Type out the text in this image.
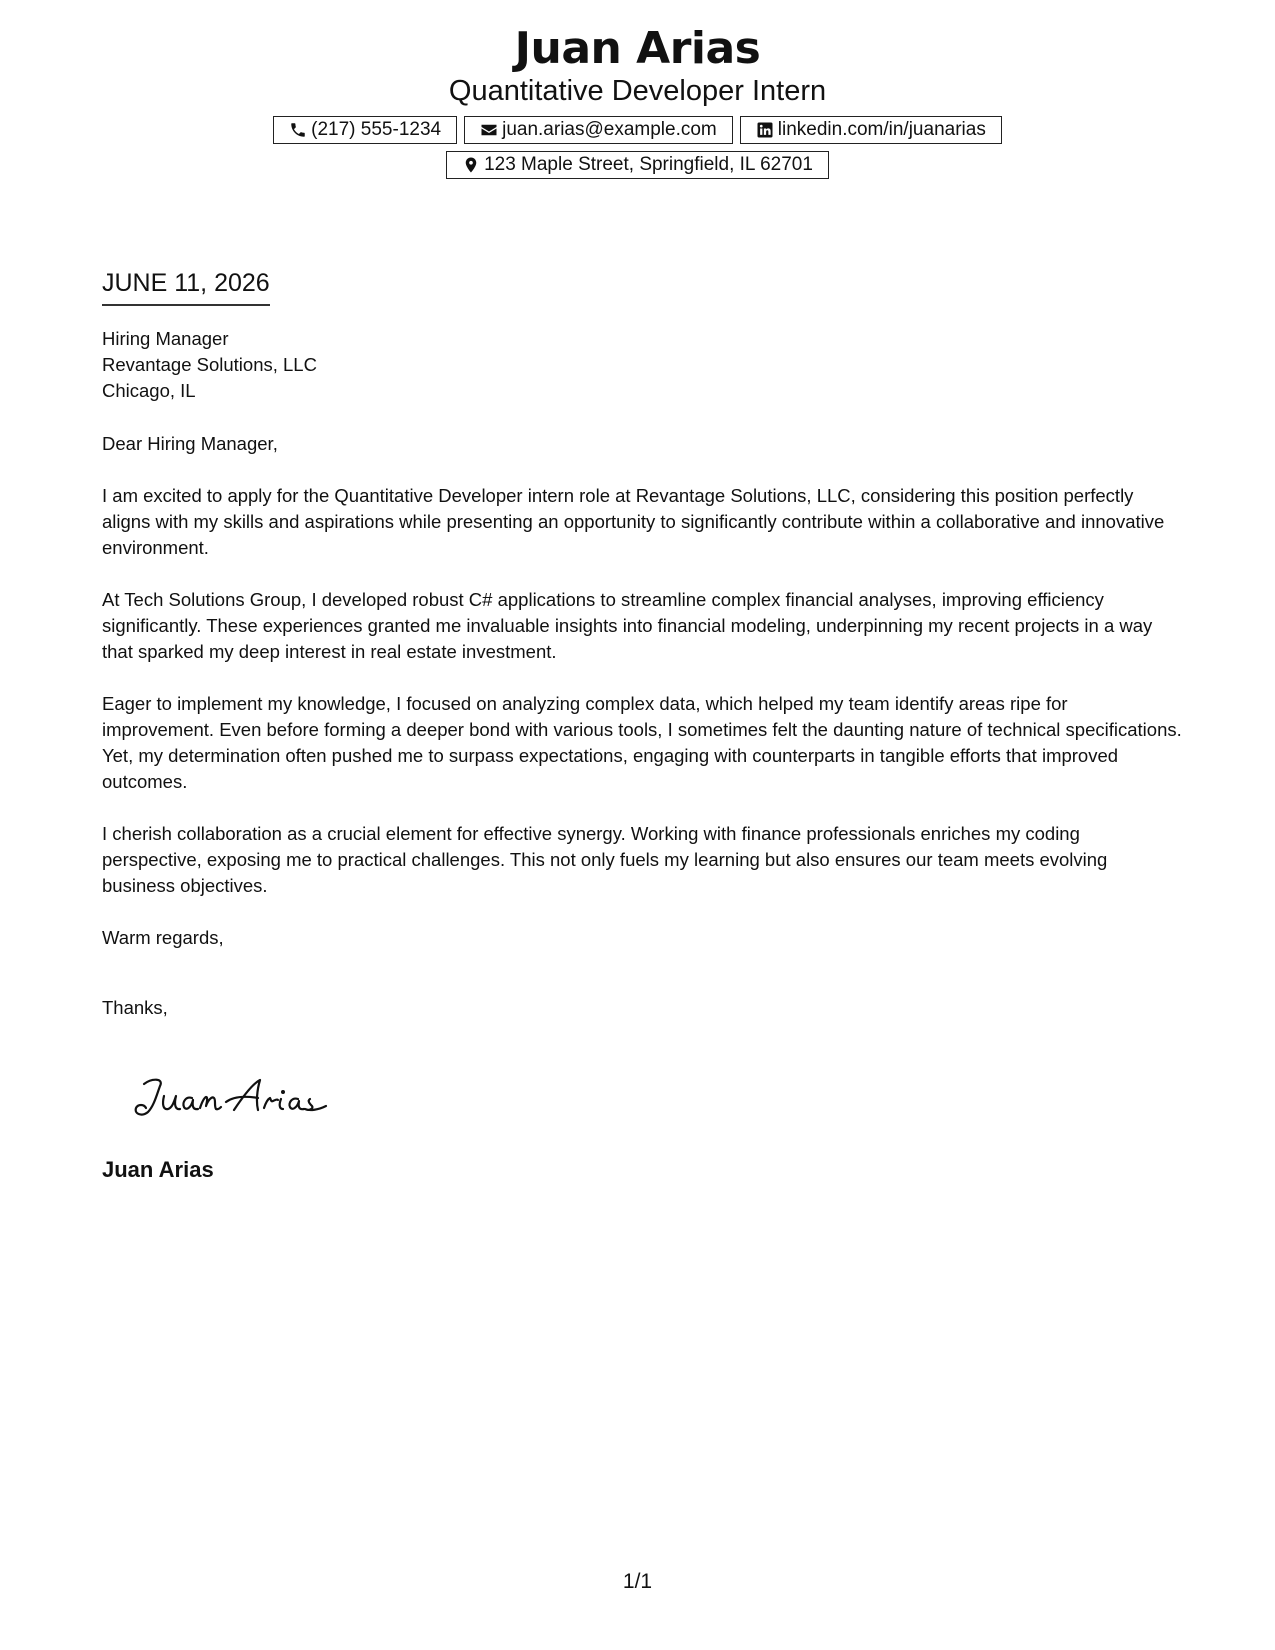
Juan Arias
Quantitative Developer Intern
(217) 555-1234	juan.arias@example.com	linkedin.com/in/juanarias
123 Maple Street, Springfield, IL 62701
JUNE 11, 2026
Hiring Manager
Revantage Solutions, LLC
Chicago, IL
Dear Hiring Manager,
I am excited to apply for the Quantitative Developer intern role at Revantage Solutions, LLC, considering this position perfectly aligns with my skills and aspirations while presenting an opportunity to significantly contribute within a collaborative and innovative environment.
At Tech Solutions Group, I developed robust C# applications to streamline complex financial analyses, improving efficiency significantly. These experiences granted me invaluable insights into financial modeling, underpinning my recent projects in a way that sparked my deep interest in real estate investment.
Eager to implement my knowledge, I focused on analyzing complex data, which helped my team identify areas ripe for improvement. Even before forming a deeper bond with various tools, I sometimes felt the daunting nature of technical specifications. Yet, my determination often pushed me to surpass expectations, engaging with counterparts in tangible efforts that improved outcomes.
I cherish collaboration as a crucial element for effective synergy. Working with finance professionals enriches my coding perspective, exposing me to practical challenges. This not only fuels my learning but also ensures our team meets evolving business objectives.
Warm regards,
Thanks,
Juan Arias
1/1
